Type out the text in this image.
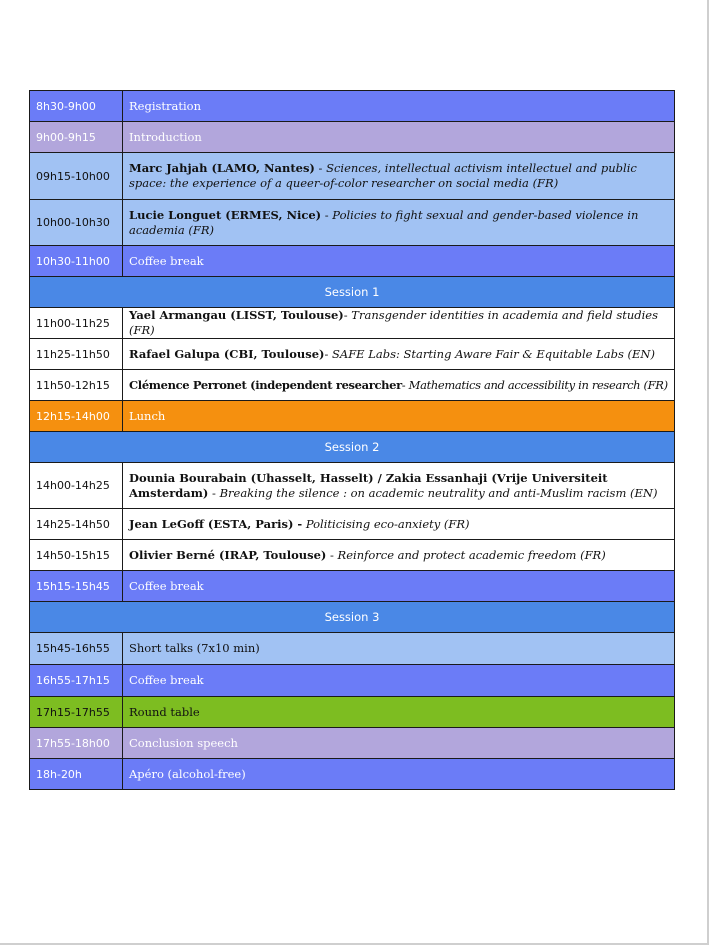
8h30-9h00	Registration
9h00-9h15	Introduction
09h15-10h00	Marc Jahjah (LAMO, Nantes) - Sciences, intellectual activism intellectuel and public space: the experience of a queer-of-color researcher on social media (FR)
10h00-10h30	Lucie Longuet (ERMES, Nice) - Policies to fight sexual and gender-based violence in academia (FR)
10h30-11h00	Coffee break
Session 1	
11h00-11h25	Yael Armangau (LISST, Toulouse)- Transgender identities in academia and field studies (FR)
11h25-11h50	Rafael Galupa (CBI, Toulouse)- SAFE Labs: Starting Aware Fair & Equitable Labs (EN)
11h50-12h15	Clémence Perronet (independent researcher- Mathematics and accessibility in research (FR)
12h15-14h00	Lunch
Session 2	
14h00-14h25	Dounia Bourabain (Uhasselt, Hasselt) / Zakia Essanhaji (Vrije Universiteit Amsterdam) - Breaking the silence : on academic neutrality and anti-Muslim racism (EN)
14h25-14h50	Jean LeGoff (ESTA, Paris) - Politicising eco-anxiety (FR)
14h50-15h15	Olivier Berné (IRAP, Toulouse) - Reinforce and protect academic freedom (FR)
15h15-15h45	Coffee break
Session 3	
15h45-16h55	Short talks (7x10 min)
16h55-17h15	Coffee break
17h15-17h55	Round table
17h55-18h00	Conclusion speech
18h-20h	Apéro (alcohol-free)
